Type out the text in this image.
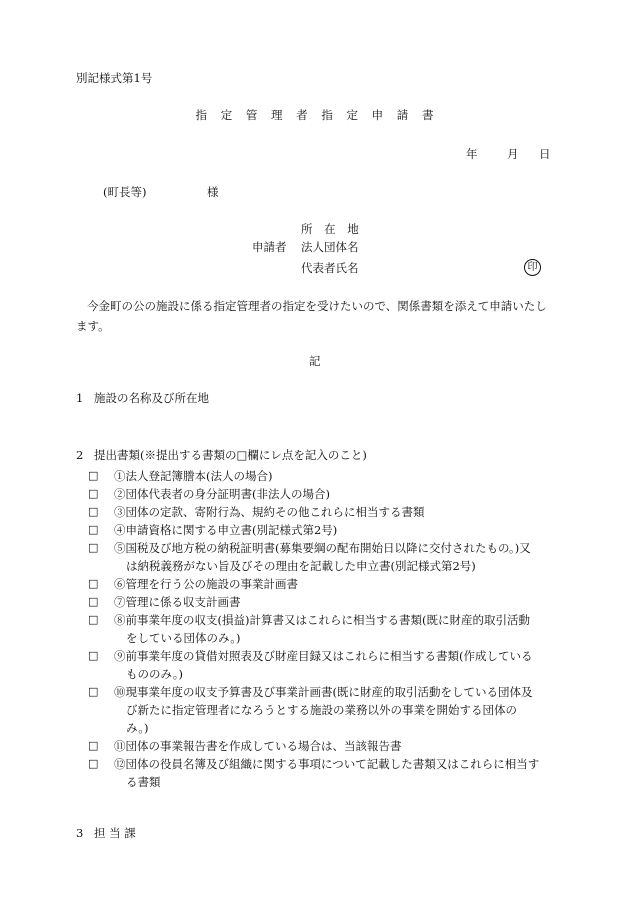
別記様式第1号
指 定 管 理 者 指 定 申 請 書
年	月 日
(町長等)	様
所 在 地
申請者 法人団体名
代表者氏名	印
今金町の公の施設に係る指定管理者の指定を受けたいので、関係書類を添えて申請いたします。
記
1 施設の名称及び所在地
2 提出書類(※提出する書類の□欄にレ点を記入のこと)
□	①法人登記簿謄本(法人の場合)
□	②団体代表者の身分証明書(非法人の場合)
□	③団体の定款、寄附行為、規約その他これらに相当する書類
□	④申請資格に関する申立書(別記様式第2号)
□	⑤国税及び地方税の納税証明書(募集要綱の配布開始日以降に交付されたもの。)又
は納税義務がない旨及びその理由を記載した申立書(別記様式第2号)
□	⑥管理を行う公の施設の事業計画書
□	⑦管理に係る収支計画書
□	⑧前事業年度の収支(損益)計算書又はこれらに相当する書類(既に財産的取引活動
をしている団体のみ。)
□	⑨前事業年度の貸借対照表及び財産目録又はこれらに相当する書類(作成している
もののみ。)
□	⑩現事業年度の収支予算書及び事業計画書(既に財産的取引活動をしている団体及
び新たに指定管理者になろうとする施設の業務以外の事業を開始する団体の
み。)
□	⑪団体の事業報告書を作成している場合は、当該報告書
□	⑫団体の役員名簿及び組織に関する事項について記載した書類又はこれらに相当す
る書類
3 担 当 課
